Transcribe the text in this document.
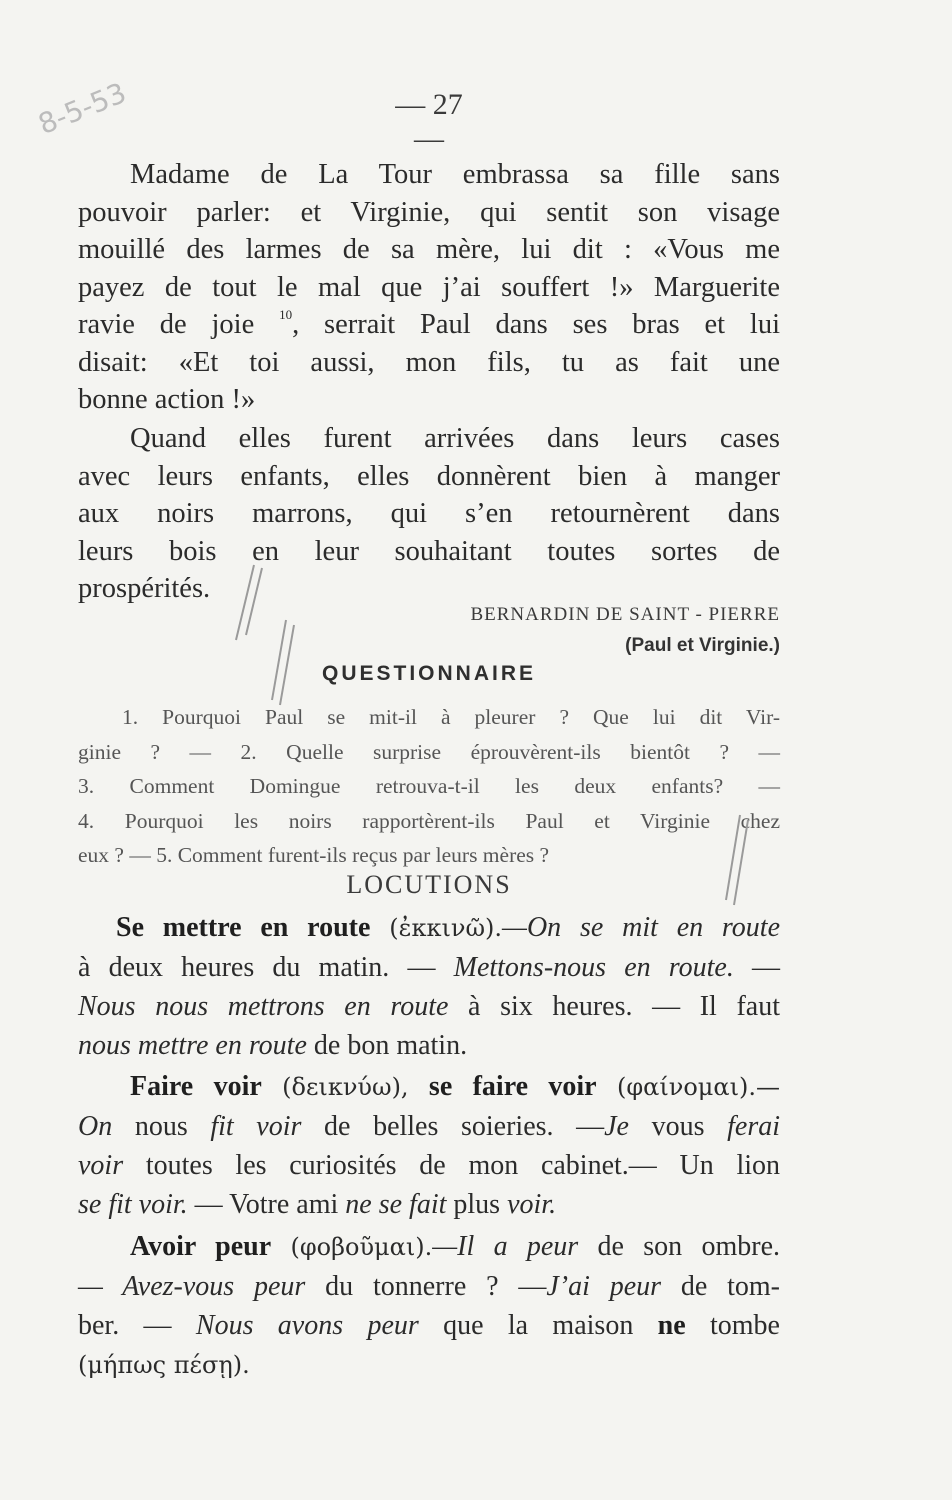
— 27 —
8-5-53
Madame de La Tour embrassa sa fille sans
pouvoir parler: et Virginie, qui sentit son visage
mouillé des larmes de sa mère, lui dit : «Vous me
payez de tout le mal que j’ai souffert !» Marguerite
ravie de joie $^{10}$, serrait Paul dans ses bras et lui
disait: «Et toi aussi, mon fils, tu as fait une
bonne action !»
Quand elles furent arrivées dans leurs cases
avec leurs enfants, elles donnèrent bien à manger
aux noirs marrons, qui s’en retournèrent dans
leurs bois en leur souhaitant toutes sortes de
prospérités.
BERNARDIN DE SAINT - PIERRE
(Paul et Virginie.)
QUESTIONNAIRE
1. Pourquoi Paul se mit-il à pleurer ? Que lui dit Vir-
ginie ? — 2. Quelle surprise éprouvèrent-ils bientôt ? —
3. Comment Domingue retrouva-t-il les deux enfants? —
4. Pourquoi les noirs rapportèrent-ils Paul et Virginie chez
eux ? — 5. Comment furent-ils reçus par leurs mères ?
LOCUTIONS
Se mettre en route (ἐκκινῶ).—On se mit en route
à deux heures du matin. — Mettons-nous en route. —
Nous nous mettrons en route à six heures. — Il faut
nous mettre en route de bon matin.
Faire voir (δεικνύω), se faire voir (φαίνομαι).—
On nous fit voir de belles soieries. —Je vous ferai
voir toutes les curiosités de mon cabinet.— Un lion
se fit voir. — Votre ami ne se fait plus voir.
Avoir peur (φοβοῦμαι).—Il a peur de son ombre.
— Avez-vous peur du tonnerre ? —J’ai peur de tom-
ber. — Nous avons peur que la maison ne tombe
(μήπως πέσῃ).
